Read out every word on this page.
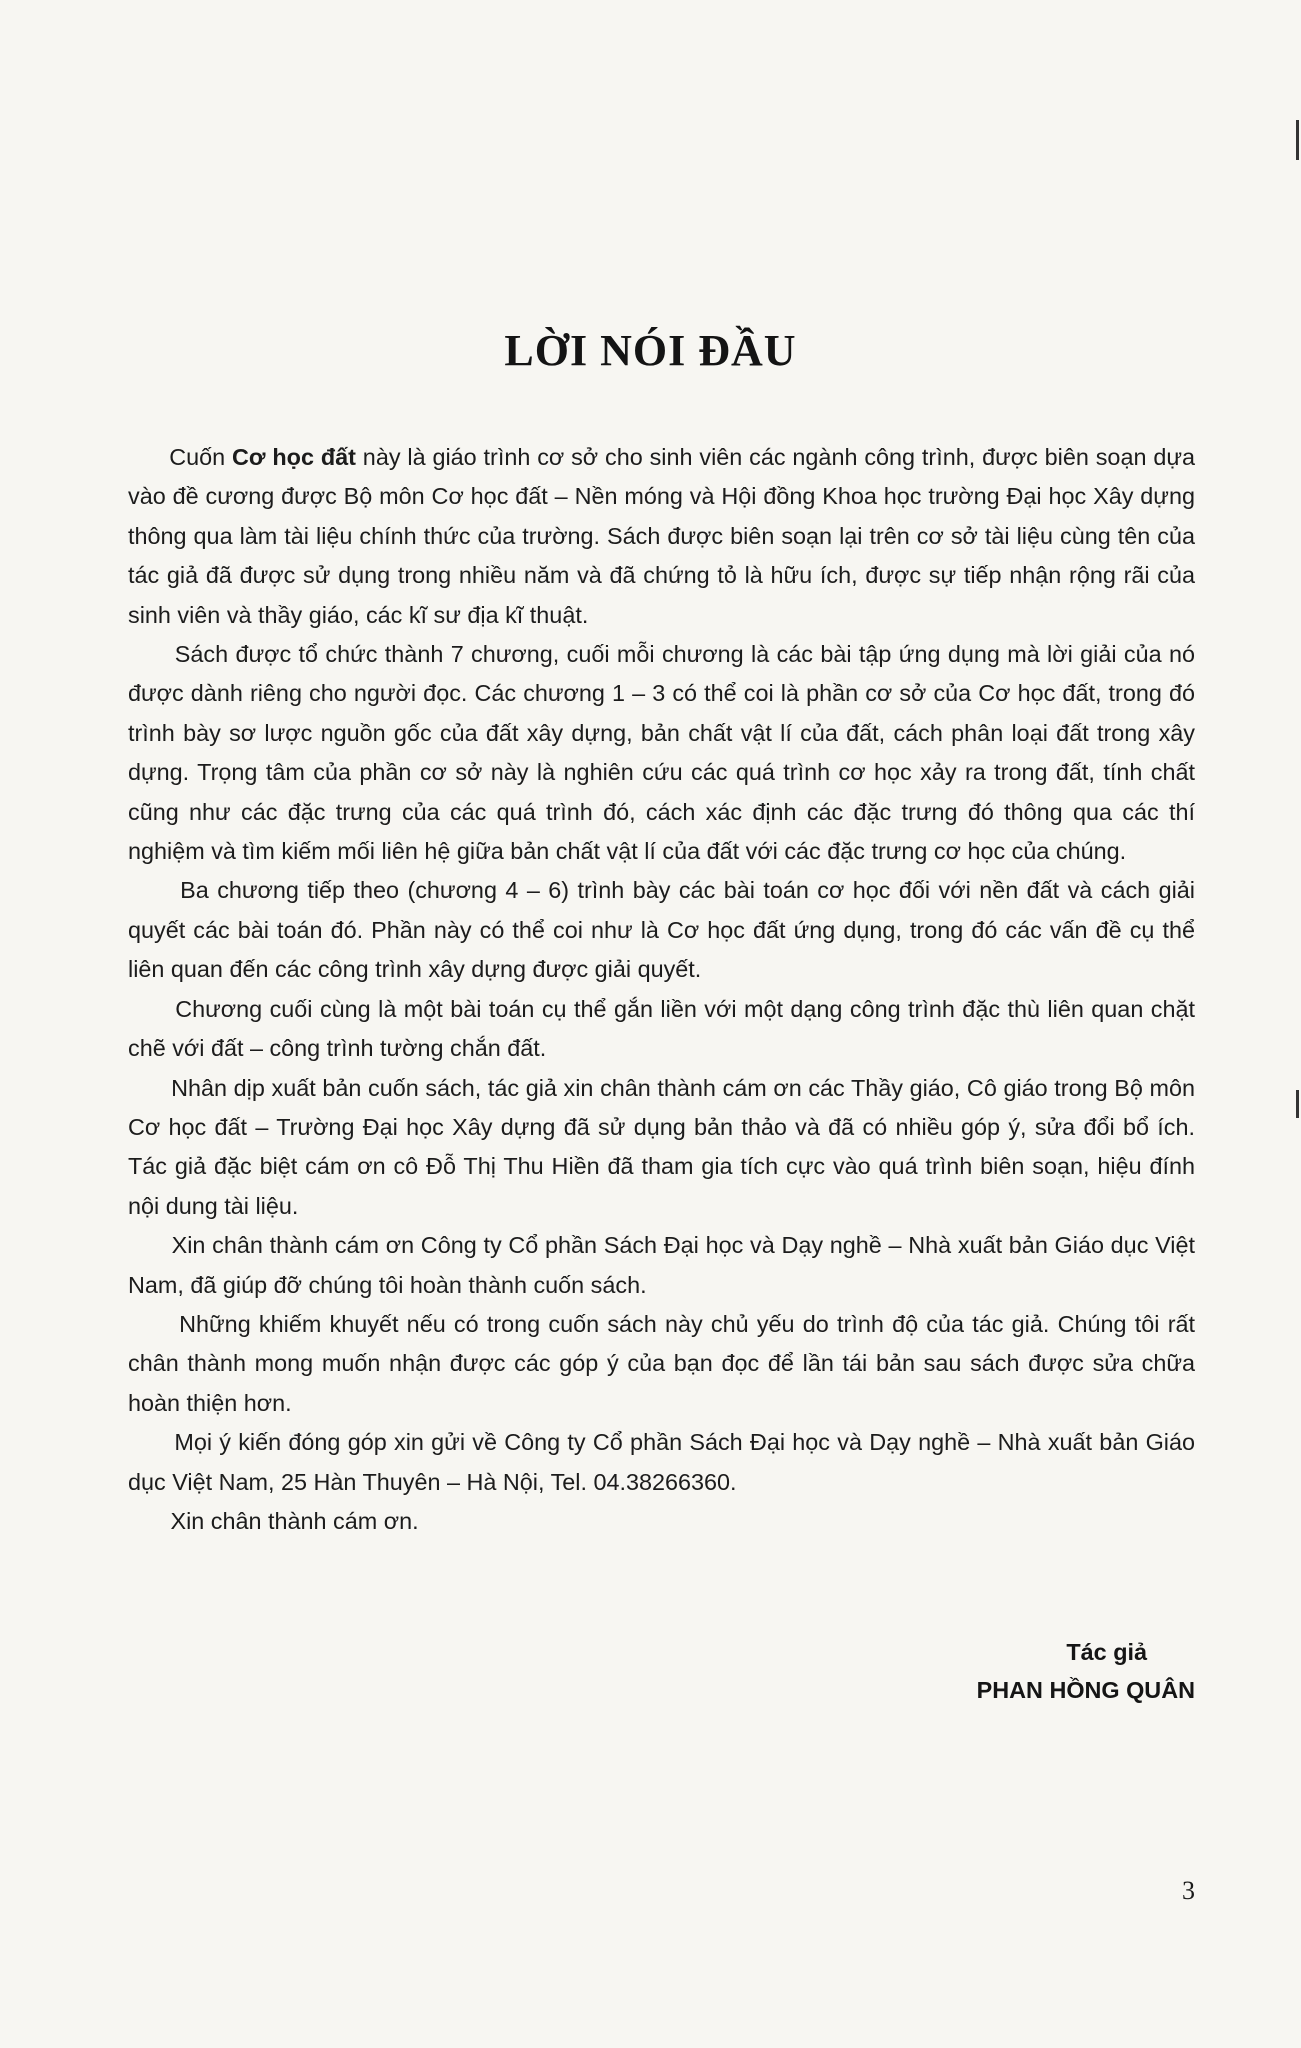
LỜI NÓI ĐẦU

Cuốn Cơ học đất này là giáo trình cơ sở cho sinh viên các ngành công trình, được biên soạn dựa vào đề cương được Bộ môn Cơ học đất – Nền móng và Hội đồng Khoa học trường Đại học Xây dựng thông qua làm tài liệu chính thức của trường. Sách được biên soạn lại trên cơ sở tài liệu cùng tên của tác giả đã được sử dụng trong nhiều năm và đã chứng tỏ là hữu ích, được sự tiếp nhận rộng rãi của sinh viên và thầy giáo, các kĩ sư địa kĩ thuật.

Sách được tổ chức thành 7 chương, cuối mỗi chương là các bài tập ứng dụng mà lời giải của nó được dành riêng cho người đọc. Các chương 1 – 3 có thể coi là phần cơ sở của Cơ học đất, trong đó trình bày sơ lược nguồn gốc của đất xây dựng, bản chất vật lí của đất, cách phân loại đất trong xây dựng. Trọng tâm của phần cơ sở này là nghiên cứu các quá trình cơ học xảy ra trong đất, tính chất cũng như các đặc trưng của các quá trình đó, cách xác định các đặc trưng đó thông qua các thí nghiệm và tìm kiếm mối liên hệ giữa bản chất vật lí của đất với các đặc trưng cơ học của chúng.

Ba chương tiếp theo (chương 4 – 6) trình bày các bài toán cơ học đối với nền đất và cách giải quyết các bài toán đó. Phần này có thể coi như là Cơ học đất ứng dụng, trong đó các vấn đề cụ thể liên quan đến các công trình xây dựng được giải quyết.

Chương cuối cùng là một bài toán cụ thể gắn liền với một dạng công trình đặc thù liên quan chặt chẽ với đất – công trình tường chắn đất.

Nhân dịp xuất bản cuốn sách, tác giả xin chân thành cám ơn các Thầy giáo, Cô giáo trong Bộ môn Cơ học đất – Trường Đại học Xây dựng đã sử dụng bản thảo và đã có nhiều góp ý, sửa đổi bổ ích. Tác giả đặc biệt cám ơn cô Đỗ Thị Thu Hiền đã tham gia tích cực vào quá trình biên soạn, hiệu đính nội dung tài liệu.

Xin chân thành cám ơn Công ty Cổ phần Sách Đại học và Dạy nghề – Nhà xuất bản Giáo dục Việt Nam, đã giúp đỡ chúng tôi hoàn thành cuốn sách.

Những khiếm khuyết nếu có trong cuốn sách này chủ yếu do trình độ của tác giả. Chúng tôi rất chân thành mong muốn nhận được các góp ý của bạn đọc để lần tái bản sau sách được sửa chữa hoàn thiện hơn.

Mọi ý kiến đóng góp xin gửi về Công ty Cổ phần Sách Đại học và Dạy nghề – Nhà xuất bản Giáo dục Việt Nam, 25 Hàn Thuyên – Hà Nội, Tel. 04.38266360.

Xin chân thành cám ơn.

Tác giả
PHAN HỒNG QUÂN
3
